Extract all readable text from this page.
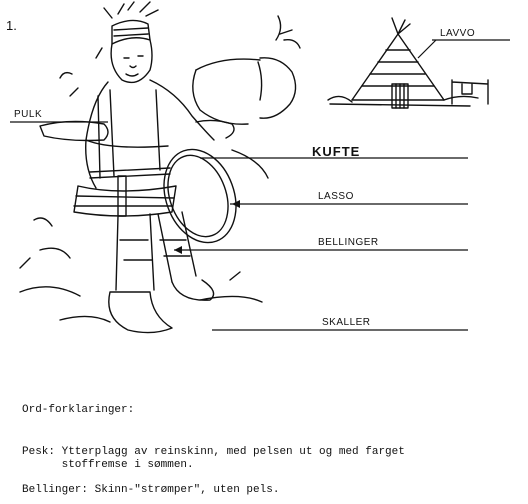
1.
LAVVO
PULK
KUFTE
LASSO
BELLINGER
SKALLER
Ord-forklaringer:
Pesk: Ytterplagg av reinskinn, med pelsen ut og med farget
stoffremse i sømmen.
Bellinger: Skinn-"strømper", uten pels.
